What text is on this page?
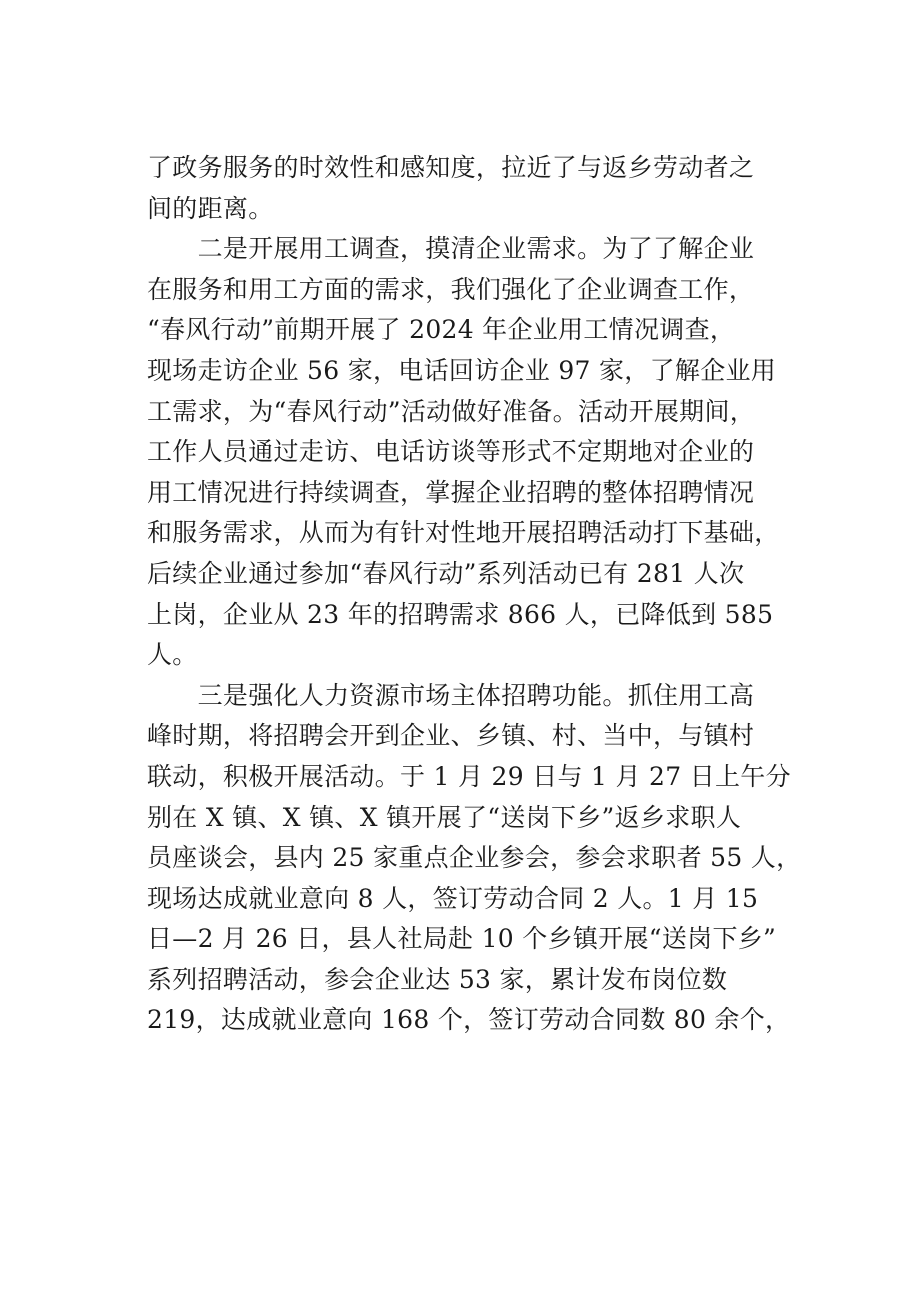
了政务服务的时效性和感知度，拉近了与返乡劳动者之
间的距离。
　　二是开展用工调查，摸清企业需求。为了了解企业
在服务和用工方面的需求，我们强化了企业调查工作，
“春风行动”前期开展了 2024 年企业用工情况调查，
现场走访企业 56 家，电话回访企业 97 家，了解企业用
工需求，为“春风行动”活动做好准备。活动开展期间，
工作人员通过走访、电话访谈等形式不定期地对企业的
用工情况进行持续调查，掌握企业招聘的整体招聘情况
和服务需求，从而为有针对性地开展招聘活动打下基础，
后续企业通过参加“春风行动”系列活动已有 281 人次
上岗，企业从 23 年的招聘需求 866 人，已降低到 585
人。
　　三是强化人力资源市场主体招聘功能。抓住用工高
峰时期，将招聘会开到企业、乡镇、村、当中，与镇村
联动，积极开展活动。于 1 月 29 日与 1 月 27 日上午分
别在 X 镇、X 镇、X 镇开展了“送岗下乡”返乡求职人
员座谈会，县内 25 家重点企业参会，参会求职者 55 人，
现场达成就业意向 8 人，签订劳动合同 2 人。1 月 15
日—2 月 26 日，县人社局赴 10 个乡镇开展“送岗下乡”
系列招聘活动，参会企业达 53 家，累计发布岗位数
219，达成就业意向 168 个，签订劳动合同数 80 余个，
